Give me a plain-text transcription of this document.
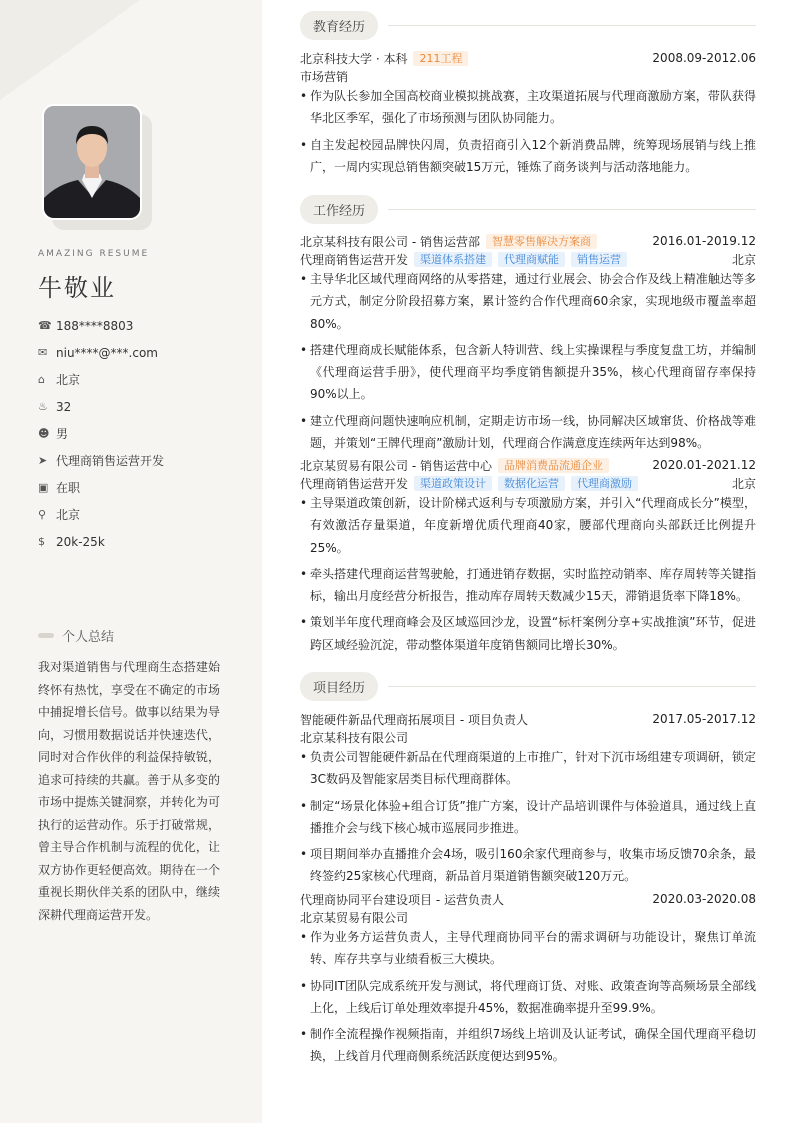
AMAZING RESUME
牛敬业
☎ 188****8803
✉ niu****@***.com
⌂ 北京
♨ 32
☻ 男
➤ 代理商销售运营开发
▣ 在职
⚲ 北京
$ 20k-25k
个人总结
我对渠道销售与代理商生态搭建始终怀有热忱，享受在不确定的市场中捕捉增长信号。做事以结果为导向，习惯用数据说话并快速迭代，同时对合作伙伴的利益保持敏锐，追求可持续的共赢。善于从多变的市场中提炼关键洞察，并转化为可执行的运营动作。乐于打破常规，曾主导合作机制与流程的优化，让双方协作更轻便高效。期待在一个重视长期伙伴关系的团队中，继续深耕代理商运营开发。
教育经历
北京科技大学 · 本科	211工程	2008.09-2012.06
市场营销
• 作为队长参加全国高校商业模拟挑战赛，主攻渠道拓展与代理商激励方案，带队获得华北区季军，强化了市场预测与团队协同能力。
• 自主发起校园品牌快闪周，负责招商引入12个新消费品牌，统筹现场展销与线上推广，一周内实现总销售额突破15万元，锤炼了商务谈判与活动落地能力。
工作经历
北京某科技有限公司 - 销售运营部	智慧零售解决方案商	2016.01-2019.12
代理商销售运营开发	渠道体系搭建	代理商赋能	销售运营	北京
• 主导华北区域代理商网络的从零搭建，通过行业展会、协会合作及线上精准触达等多元方式，制定分阶段招募方案，累计签约合作代理商60余家，实现地级市覆盖率超80%。
• 搭建代理商成长赋能体系，包含新人特训营、线上实操课程与季度复盘工坊，并编制《代理商运营手册》，使代理商平均季度销售额提升35%，核心代理商留存率保持90%以上。
• 建立代理商问题快速响应机制，定期走访市场一线，协同解决区域窜货、价格战等难题，并策划“王牌代理商”激励计划，代理商合作满意度连续两年达到98%。
北京某贸易有限公司 - 销售运营中心	品牌消费品流通企业	2020.01-2021.12
代理商销售运营开发	渠道政策设计	数据化运营	代理商激励	北京
• 主导渠道政策创新，设计阶梯式返利与专项激励方案，并引入“代理商成长分”模型，有效激活存量渠道，年度新增优质代理商40家，腰部代理商向头部跃迁比例提升25%。
• 牵头搭建代理商运营驾驶舱，打通进销存数据，实时监控动销率、库存周转等关键指标，输出月度经营分析报告，推动库存周转天数减少15天，滞销退货率下降18%。
• 策划半年度代理商峰会及区域巡回沙龙，设置“标杆案例分享+实战推演”环节，促进跨区域经验沉淀，带动整体渠道年度销售额同比增长30%。
项目经历
智能硬件新品代理商拓展项目 - 项目负责人	2017.05-2017.12
北京某科技有限公司
• 负责公司智能硬件新品在代理商渠道的上市推广，针对下沉市场组建专项调研，锁定3C数码及智能家居类目标代理商群体。
• 制定“场景化体验+组合订货”推广方案，设计产品培训课件与体验道具，通过线上直播推介会与线下核心城市巡展同步推进。
• 项目期间举办直播推介会4场，吸引160余家代理商参与，收集市场反馈70余条，最终签约25家核心代理商，新品首月渠道销售额突破120万元。
代理商协同平台建设项目 - 运营负责人	2020.03-2020.08
北京某贸易有限公司
• 作为业务方运营负责人，主导代理商协同平台的需求调研与功能设计，聚焦订单流转、库存共享与业绩看板三大模块。
• 协同IT团队完成系统开发与测试，将代理商订货、对账、政策查询等高频场景全部线上化，上线后订单处理效率提升45%，数据准确率提升至99.9%。
• 制作全流程操作视频指南，并组织7场线上培训及认证考试，确保全国代理商平稳切换，上线首月代理商侧系统活跃度便达到95%。
